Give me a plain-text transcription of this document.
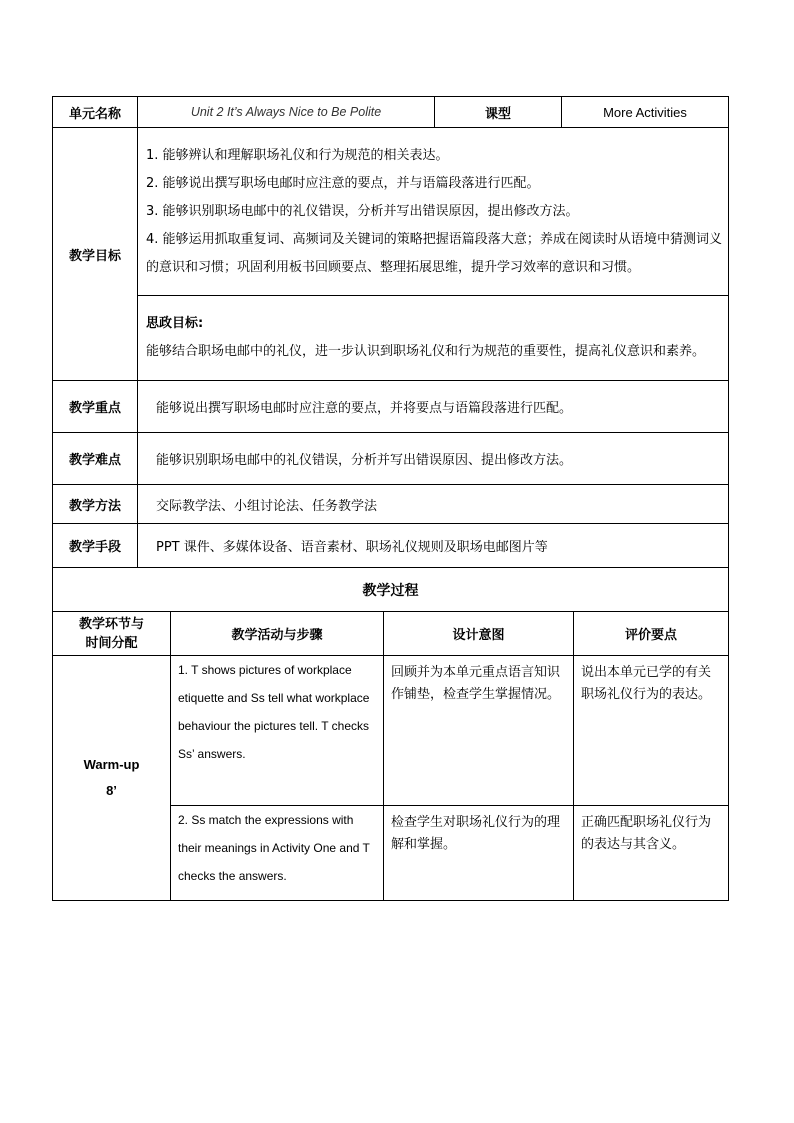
单元名称	Unit 2 It’s Always Nice to Be Polite	课型	More Activities
教学目标	1. 能够辨认和理解职场礼仪和行为规范的相关表达。

2. 能够说出撰写职场电邮时应注意的要点，并与语篇段落进行匹配。

3. 能够识别职场电邮中的礼仪错误，分析并写出错误原因，提出修改方法。

4. 能够运用抓取重复词、高频词及关键词的策略把握语篇段落大意；养成在阅读时从语境中猜测词义的意识和习惯；巩固利用板书回顾要点、整理拓展思维，提升学习效率的意识和习惯。		

	思政目标:

能够结合职场电邮中的礼仪，进一步认识到职场礼仪和行为规范的重要性，提高礼仪意识和素养。		

教学重点	能够说出撰写职场电邮时应注意的要点，并将要点与语篇段落进行匹配。		
教学难点	能够识别职场电邮中的礼仪错误，分析并写出错误原因、提出修改方法。		
教学方法	交际教学法、小组讨论法、任务教学法		
教学手段	PPT 课件、多媒体设备、语音素材、职场礼仪规则及职场电邮图片等		
教学过程			
教学环节与
时间分配	教学活动与步骤	设计意图	评价要点

Warm-up
8’	1. T shows pictures of workplace etiquette and Ss tell what workplace behaviour the pictures tell. T checks Ss’ answers.	回顾并为本单元重点语言知识作铺垫，检查学生掌握情况。	说出本单元已学的有关职场礼仪行为的表达。
	2. Ss match the expressions with their meanings in Activity One and T checks the answers.	检查学生对职场礼仪行为的理解和掌握。	正确匹配职场礼仪行为的表达与其含义。
